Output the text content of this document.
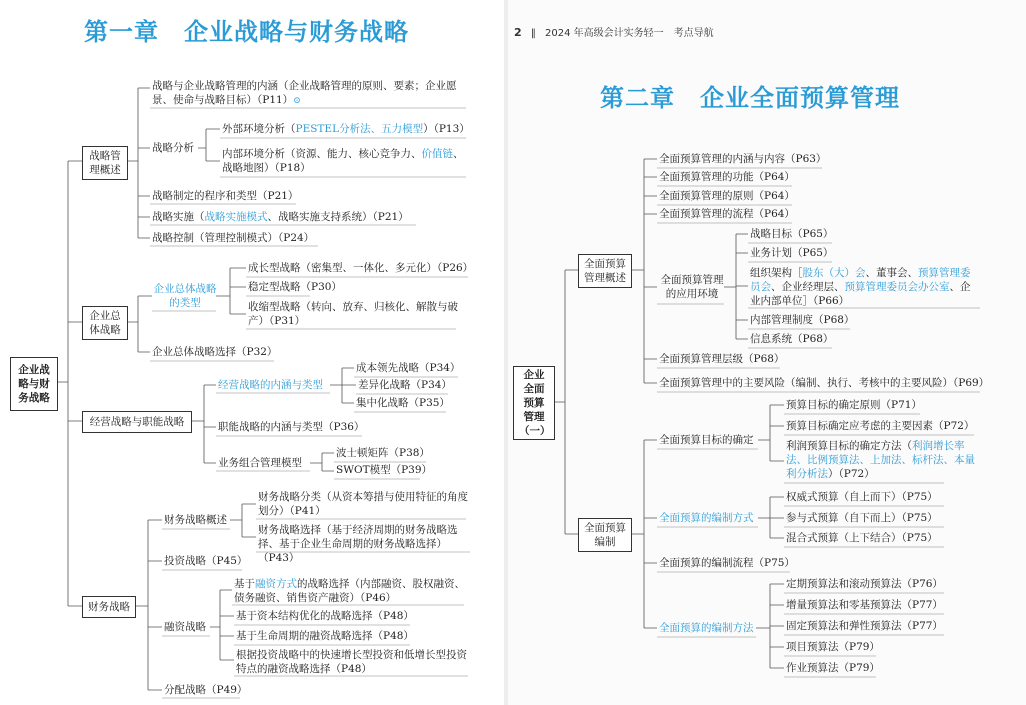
第一章　企业战略与财务战略
企业战略与财务战略
战略管理概述
战略与企业战略管理的内涵（企业战略管理的原则、要素；企业愿景、使命与战略目标）（P11）⊙
战略分析
外部环境分析（PESTEL分析法、五力模型）（P13）
内部环境分析（资源、能力、核心竞争力、价值链、战略地图）（P18）
战略制定的程序和类型（P21）
战略实施（战略实施模式、战略实施支持系统）（P21）
战略控制（管理控制模式）（P24）
企业总体战略
企业总体战略的类型
成长型战略（密集型、一体化、多元化）（P26）
稳定型战略（P30）
收缩型战略（转向、放弃、归核化、解散与破产）（P31）
企业总体战略选择（P32）
经营战略与职能战略
经营战略的内涵与类型
成本领先战略（P34）
差异化战略（P34）
集中化战略（P35）
职能战略的内涵与类型（P36）
业务组合管理模型
波士顿矩阵（P38）
SWOT模型（P39）
财务战略
财务战略概述
财务战略分类（从资本筹措与使用特征的角度划分）（P41）
财务战略选择（基于经济周期的财务战略选择、基于企业生命周期的财务战略选择）（P43）
投资战略（P45）
融资战略
基于融资方式的战略选择（内部融资、股权融资、债务融资、销售资产融资）（P46）
基于资本结构优化的战略选择（P48）
基于生命周期的融资战略选择（P48）
根据投资战略中的快速增长型投资和低增长型投资特点的融资战略选择（P48）
分配战略（P49）
2 ‖ 2024 年高级会计实务轻一　考点导航
第二章　企业全面预算管理
企业全面预算管理（一）
全面预算管理概述
全面预算管理的内涵与内容（P63）
全面预算管理的功能（P64）
全面预算管理的原则（P64）
全面预算管理的流程（P64）
全面预算管理的应用环境
战略目标（P65）
业务计划（P65）
组织架构［股东（大）会、董事会、预算管理委员会、企业经理层、预算管理委员会办公室、企业内部单位］（P66）
内部管理制度（P68）
信息系统（P68）
全面预算管理层级（P68）
全面预算管理中的主要风险（编制、执行、考核中的主要风险）（P69）
全面预算编制
全面预算目标的确定
预算目标的确定原则（P71）
预算目标确定应考虑的主要因素（P72）
利润预算目标的确定方法（利润增长率法、比例预算法、上加法、标杆法、本量利分析法）（P72）
全面预算的编制方式
权威式预算（自上而下）（P75）
参与式预算（自下而上）（P75）
混合式预算（上下结合）（P75）
全面预算的编制流程（P75）
全面预算的编制方法
定期预算法和滚动预算法（P76）
增量预算法和零基预算法（P77）
固定预算法和弹性预算法（P77）
项目预算法（P79）
作业预算法（P79）
